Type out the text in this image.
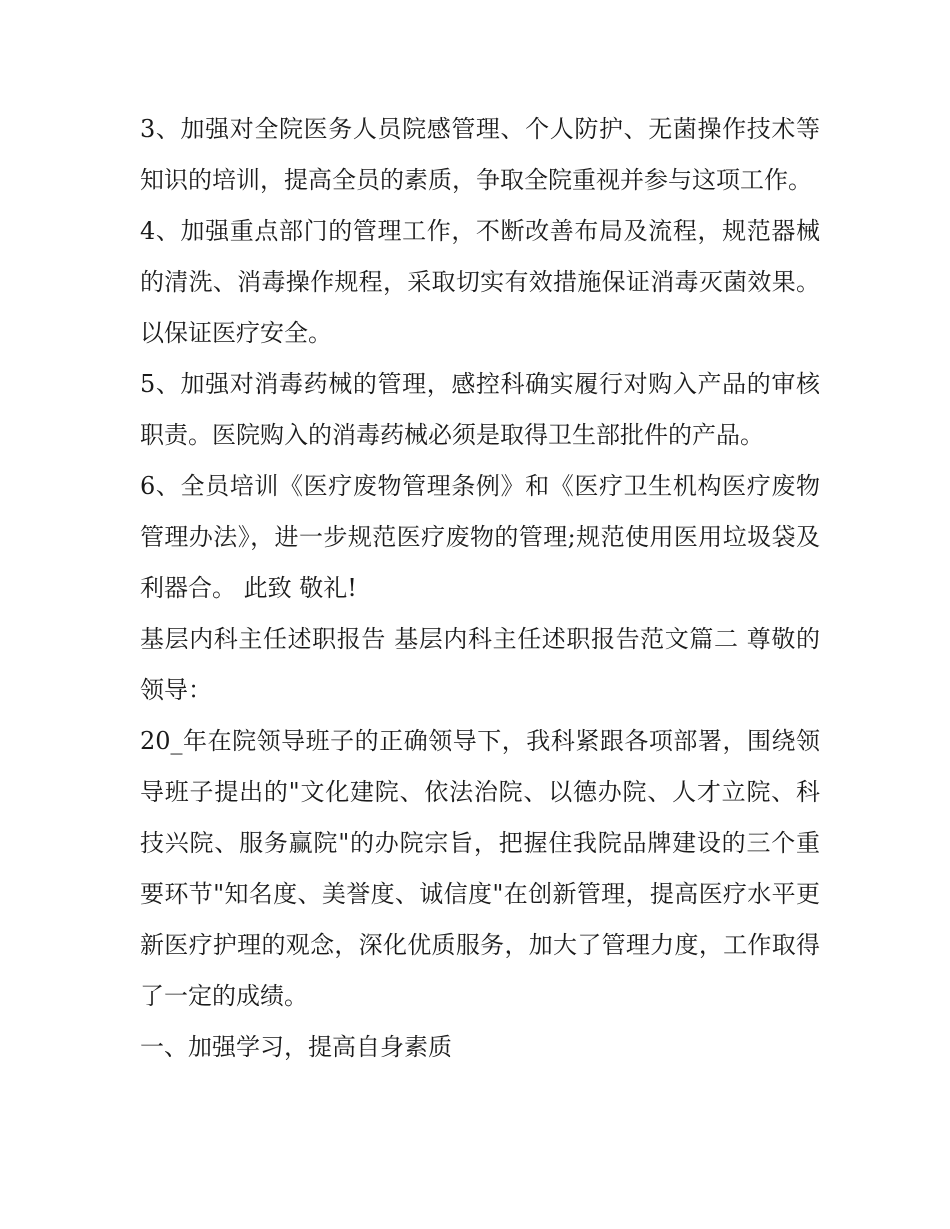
3、加强对全院医务人员院感管理、个人防护、无菌操作技术等知识的培训，提高全员的素质，争取全院重视并参与这项工作。

4、加强重点部门的管理工作，不断改善布局及流程，规范器械的清洗、消毒操作规程，采取切实有效措施保证消毒灭菌效果。以保证医疗安全。

5、加强对消毒药械的管理，感控科确实履行对购入产品的审核职责。医院购入的消毒药械必须是取得卫生部批件的产品。

6、全员培训《医疗废物管理条例》和《医疗卫生机构医疗废物管理办法》，进一步规范医疗废物的管理;规范使用医用垃圾袋及利器合。 此致 敬礼!

基层内科主任述职报告 基层内科主任述职报告范文篇二 尊敬的领导：

20_年在院领导班子的正确领导下，我科紧跟各项部署，围绕领导班子提出的"文化建院、依法治院、以德办院、人才立院、科技兴院、服务赢院"的办院宗旨，把握住我院品牌建设的三个重要环节"知名度、美誉度、诚信度"在创新管理，提高医疗水平更新医疗护理的观念，深化优质服务，加大了管理力度，工作取得了一定的成绩。

一、加强学习，提高自身素质
